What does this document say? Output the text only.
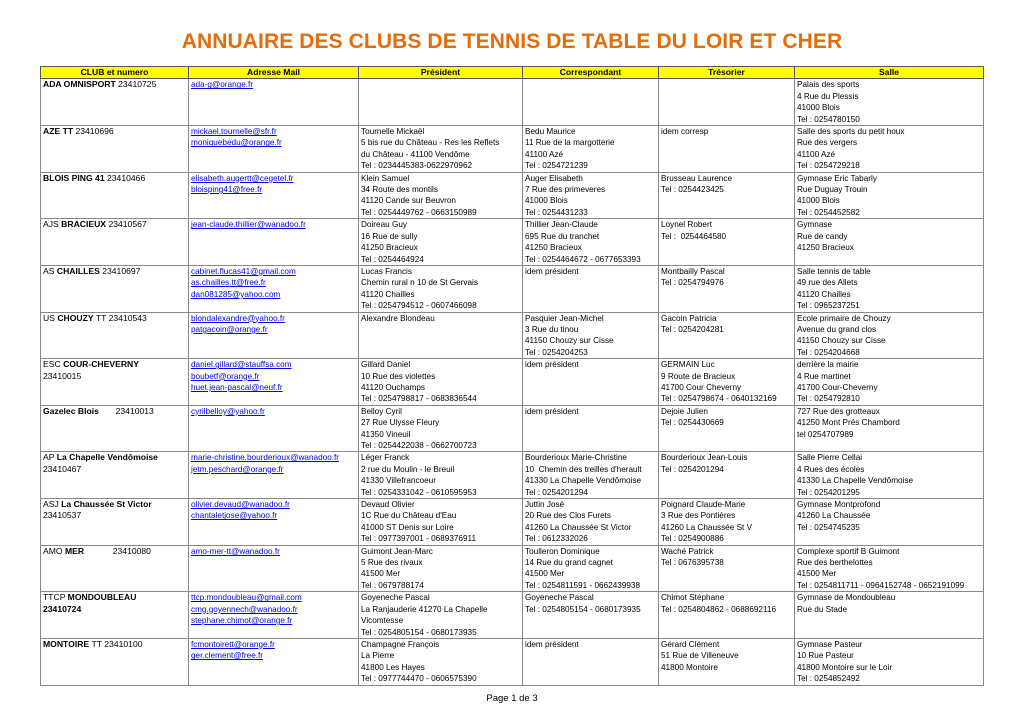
ANNUAIRE DES CLUBS DE TENNIS DE TABLE DU LOIR ET CHER
CLUB et numero	Adresse Mail	Président	Correspondant	Trésorier	Salle
ADA OMNISPORT 23410725	ada-g@orange.fr				Palais des sports
4 Rue du Plessis
41000 Blois
Tel : 0254780150

AZE TT 23410696	mickael.tournelle@sfr.fr
moniquebedu@orange.fr	Tournelle Mickaël
5 bis rue du Château - Res les Reflets
du Château - 41100 Vendôme
Tel : 0234445383-0622970962	Bedu Maurice
11 Rue de la margotterie
41100 Azé
Tel : 0254721239	idem corresp	Salle des sports du petit houx
Rue des vergers
41100 Azé
Tel : 0254729218

BLOIS PING 41 23410466	elisabeth.augertt@cegetel.fr
bloisping41@free.fr	Klein Samuel
34 Route des montils
41120 Cande sur Beuvron
Tel : 0254449762 - 0663150989	Auger Elisabeth
7 Rue des primeveres
41000 Blois
Tel : 0254431233	Brusseau Laurence
Tel : 0254423425	Gymnase Eric Tabarly
Rue Duguay Trouin
41000 Blois
Tel : 0254452582

AJS BRACIEUX 23410567	jean-claude.thillier@wanadoo.fr	Doireau Guy
16 Rue de sully
41250 Bracieux
Tel : 0254464924	Thillier Jean-Claude
695 Rue du tranchet
41250 Bracieux
Tel : 0254464672 - 0677653393	Loynel Robert
Tel :  0254464580	Gymnase
Rue de candy
41250 Bracieux

AS CHAILLES 23410697	cabinet.flucas41@gmail.com
as.chailles.tt@free.fr
dan081285@yahoo.com	Lucas Francis
Chemin rural n 10 de St Gervais
41120 Chailles
Tel : 0254794512 - 0607466098	idem président	Montbailly Pascal
Tel : 0254794976	Salle tennis de table
49 rue des Allets
41120 Chailles
Tel : 0965237251

US CHOUZY TT 23410543	blondalexandre@yahoo.fr
patgacoin@orange.fr	Alexandre Blondeau	Pasquier Jean-Michel
3 Rue du tinou
41150 Chouzy sur Cisse
Tel : 0254204253	Gacoin Patricia
Tel : 0254204281	Ecole primaire de Chouzy
Avenue du grand clos
41150 Chouzy sur Cisse
Tel : 0254204668

ESC COUR-CHEVERNY
23410015	daniel.gillard@stauffsa.com
boubetf@orange.fr
huet.jean-pascal@neuf.fr	Gillard Daniel
10 Rue des violettes
41120 Ouchamps
Tel : 0254798817 - 0683836544	idem président	GERMAIN Luc
9 Route de Bracieux
41700 Cour Cheverny
Tel : 0254798674 - 0640132169	derrière la mairie
4 Rue martinet
41700 Cour-Cheverny
Tel : 0254792810

Gazelec Blois       23410013	cyrilbelloy@yahoo.fr	Belloy Cyril
27 Rue Ulysse Fleury
41350 Vineuil
Tel : 0254422038 - 0662700723	idem président	Dejoie Julien
Tel : 0254430669	727 Rue des grotteaux
41250 Mont Prés Chambord
tel 0254707989

AP La Chapelle Vendômoise
23410467	marie-christine.bourderioux@wanadoo.fr
jetm.peschard@orange.fr	Léger Franck
2 rue du Moulin - le Breuil
41330 Villefrancoeur
Tel : 0254331042 - 0610595953	Bourderioux Marie-Christine
10  Chemin des treilles d'herault
41330 La Chapelle Vendômoise
Tel : 0254201294	Bourderioux Jean-Louis
Tel : 0254201294	Salle Pierre Cellai
4 Rues des écoles
41330 La Chapelle Vendômoise
Tel : 0254201295

ASJ La Chaussée St Victor
23410537	olivier.devaud@wanadoo.fr
chantaletjose@yahoo.fr	Devaud Olivier
1C Rue du Château d'Eau
41000 ST Denis sur Loire
Tel : 0977397001 - 0689376911	Juttin José
20 Rue des Clos Furets
41260 La Chaussée St Victor
Tel : 0612332026	Poignard Claude-Marie
3 Rue des Pontières
41260 La Chaussée St V
Tel : 0254900886	Gymnase Montprofond
41260 La Chaussée
Tel : 0254745235

AMO MER            23410080	amo-mer-tt@wanadoo.fr	Guimont Jean-Marc
5 Rue des rivaux
41500 Mer
Tel : 0679788174	Toulleron Dominique
14 Rue du grand cagnet
41500 Mer
Tel : 0254811591 - 0662439938	Waché Patrick
Tel : 0676395738	Complexe sportif B Guimont
Rue des berthelottes
41500 Mer
Tel : 0254811711 - 0964152748 - 0652191099

TTCP MONDOUBLEAU
23410724	ttcp.mondoubleau@gmail.com
cmg.goyennech@wanadoo.fr
stephane.chimot@orange.fr	Goyeneche Pascal
La Ranjauderie 41270 La Chapelle
Vicomtesse
Tel : 0254805154 - 0680173935	Goyeneche Pascal
Tel : 0254805154 - 0680173935	Chimot Stéphane
Tel : 0254804862 - 0688692116	Gymnase de Mondoubleau
Rue du Stade

MONTOIRE TT 23410100	fcmontoirett@orange.fr
ger.clement@free.fr	Champagne François
La Pierre
41800 Les Hayes
Tel : 0977744470 - 0606575390	idem président	Gérard Clément
51 Rue de Villeneuve
41800 Montoire	Gymnase Pasteur
10 Rue Pasteur
41800 Montoire sur le Loir
Tel : 0254852492
Page 1 de 3
